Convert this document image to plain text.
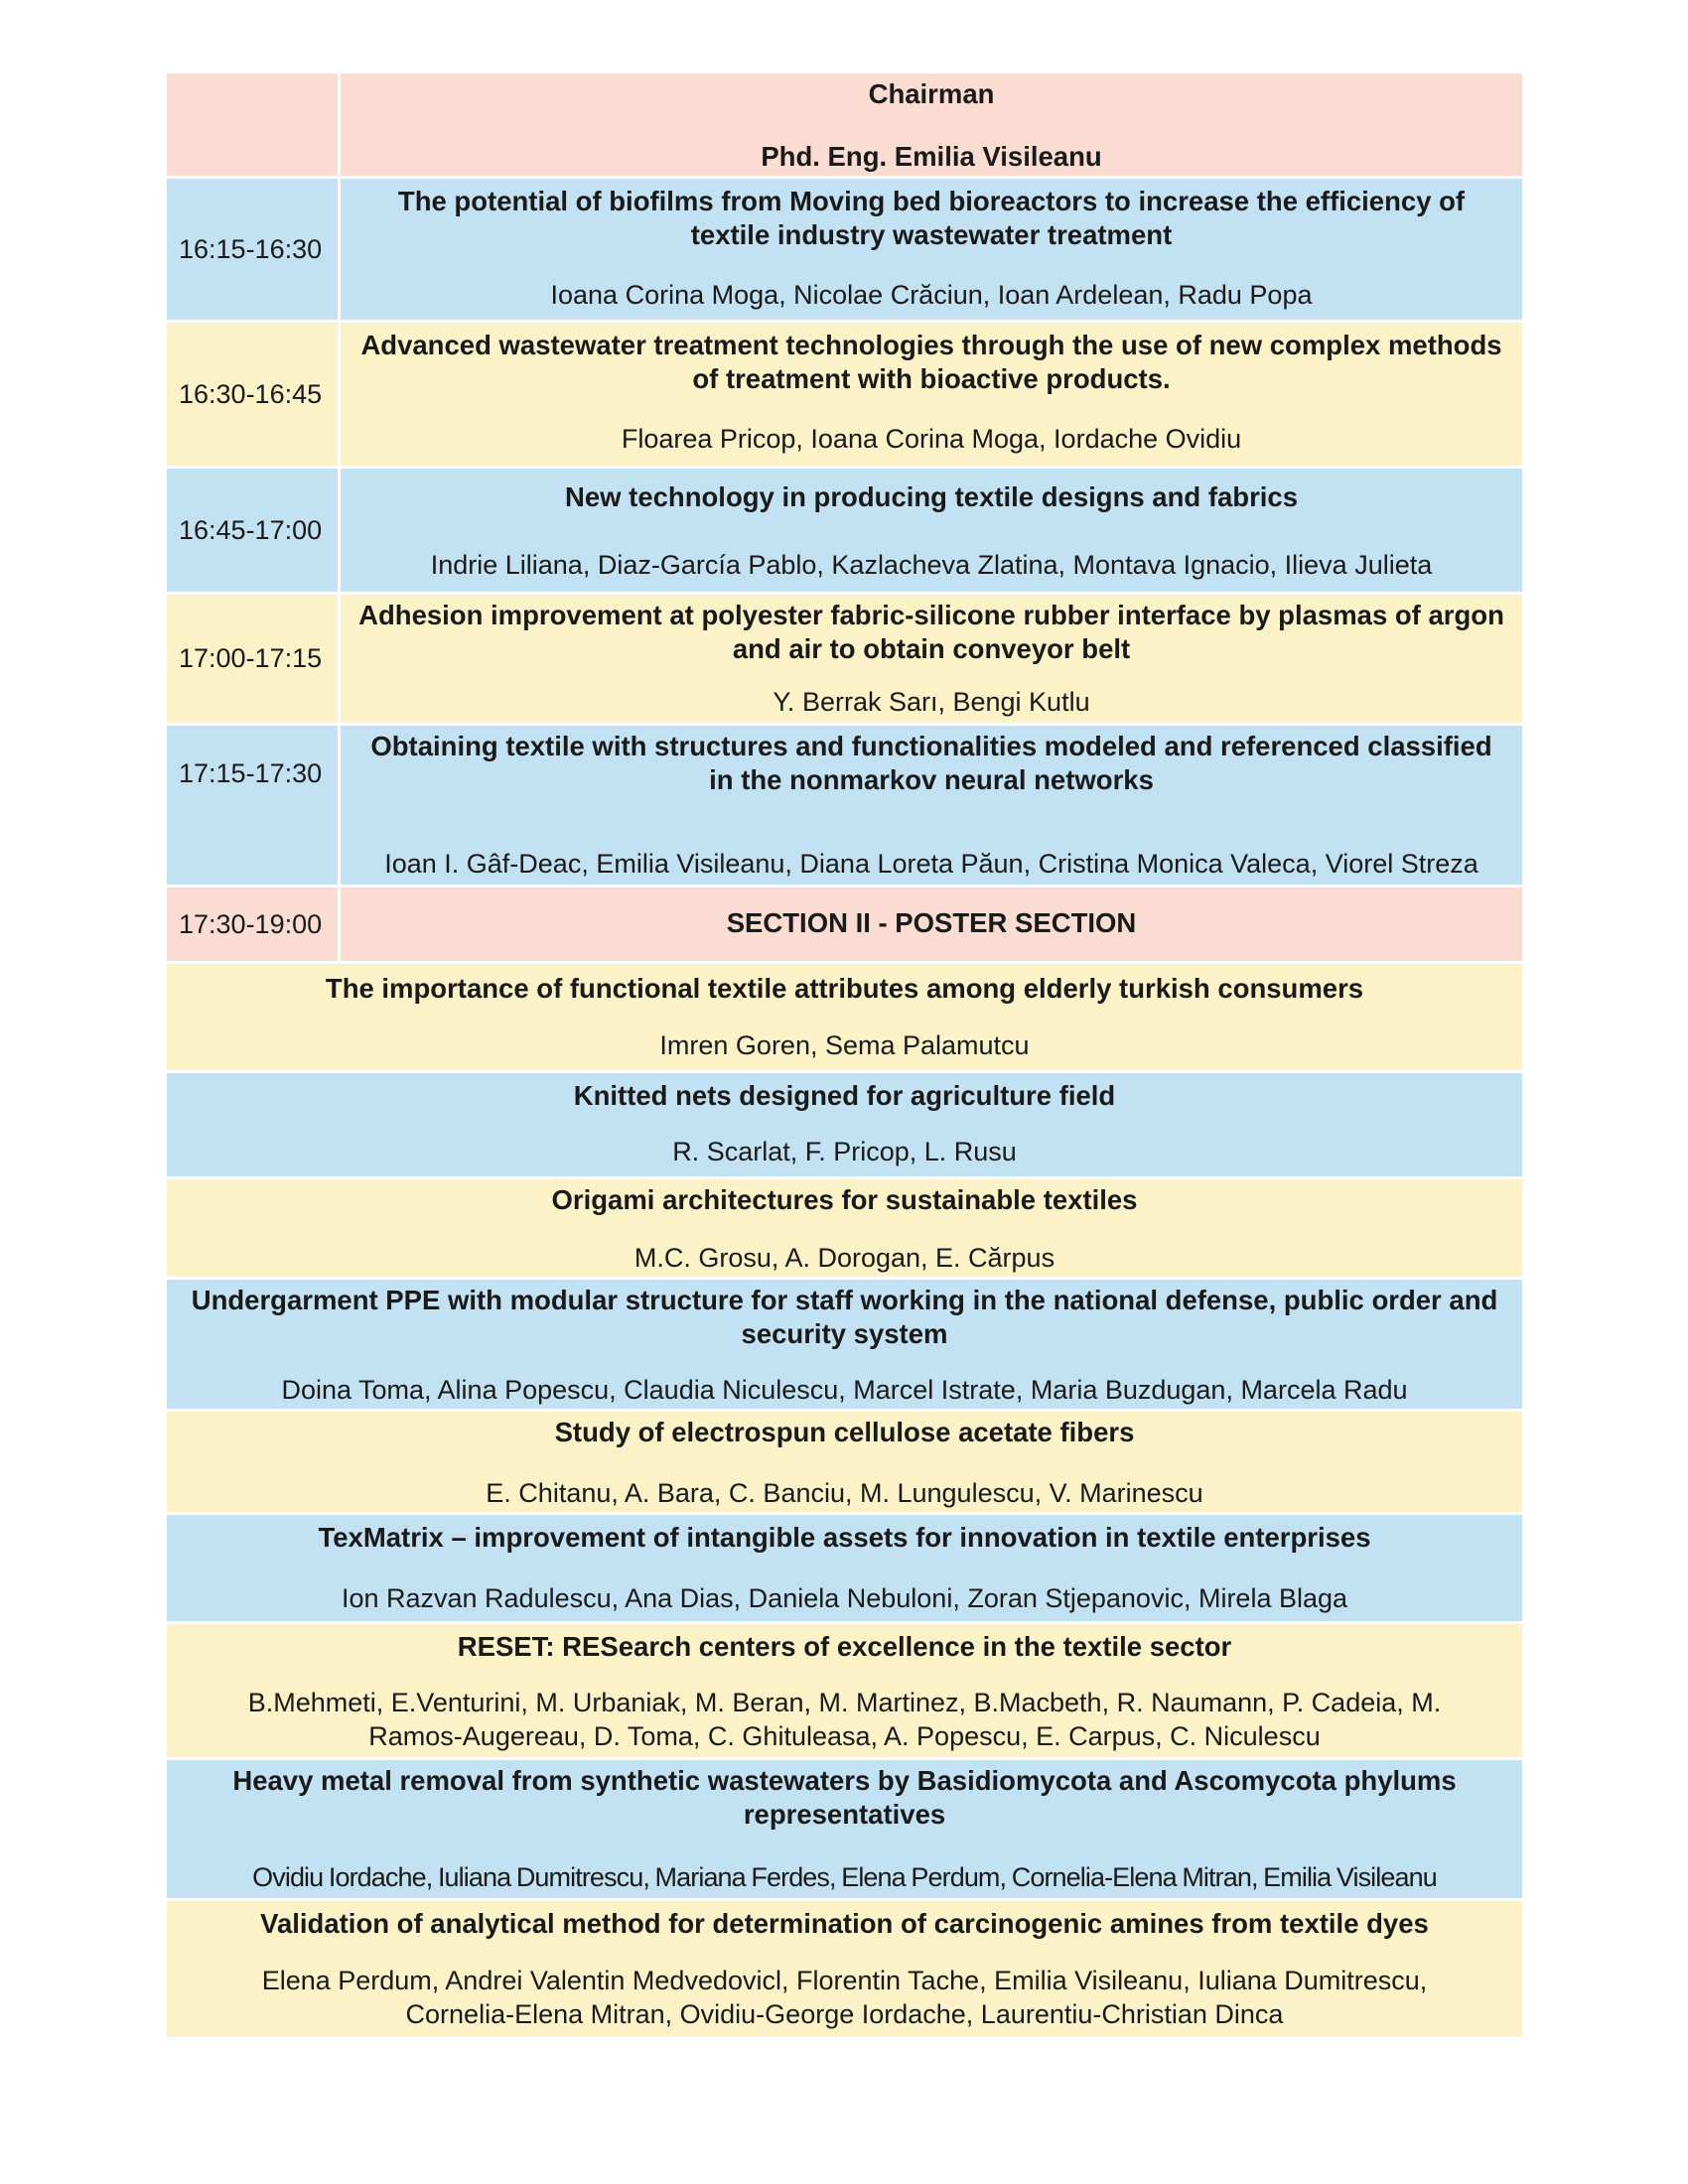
Chairman
Phd. Eng. Emilia Visileanu
16:15-16:30
The potential of biofilms from Moving bed bioreactors to increase the efficiency of textile industry wastewater treatment
Ioana Corina Moga, Nicolae Crăciun, Ioan Ardelean, Radu Popa
16:30-16:45
Advanced wastewater treatment technologies through the use of new complex methods of treatment with bioactive products.
Floarea Pricop, Ioana Corina Moga, Iordache Ovidiu
16:45-17:00
New technology in producing textile designs and fabrics
Indrie Liliana, Diaz-García Pablo, Kazlacheva Zlatina, Montava Ignacio, Ilieva Julieta
17:00-17:15
Adhesion improvement at polyester fabric-silicone rubber interface by plasmas of argon and air to obtain conveyor belt
Y. Berrak Sarı, Bengi Kutlu
17:15-17:30
Obtaining textile with structures and functionalities modeled and referenced classified in the nonmarkov neural networks
Ioan I. Gâf-Deac, Emilia Visileanu, Diana Loreta Păun, Cristina Monica Valeca, Viorel Streza
17:30-19:00	SECTION II - POSTER SECTION
The importance of functional textile attributes among elderly turkish consumers
Imren Goren, Sema Palamutcu
Knitted nets designed for agriculture field
R. Scarlat, F. Pricop, L. Rusu
Origami architectures for sustainable textiles
M.C. Grosu, A. Dorogan, E. Cărpus
Undergarment PPE with modular structure for staff working in the national defense, public order and security system
Doina Toma, Alina Popescu, Claudia Niculescu, Marcel Istrate, Maria Buzdugan, Marcela Radu
Study of electrospun cellulose acetate fibers
E. Chitanu, A. Bara, C. Banciu, M. Lungulescu, V. Marinescu
TexMatrix – improvement of intangible assets for innovation in textile enterprises
Ion Razvan Radulescu, Ana Dias, Daniela Nebuloni, Zoran Stjepanovic, Mirela Blaga
RESET: RESearch centers of excellence in the textile sector
B.Mehmeti, E.Venturini, M. Urbaniak, M. Beran, M. Martinez, B.Macbeth, R. Naumann, P. Cadeia, M. Ramos-Augereau, D. Toma, C. Ghituleasa, A. Popescu, E. Carpus, C. Niculescu
Heavy metal removal from synthetic wastewaters by Basidiomycota and Ascomycota phylums representatives
Ovidiu Iordache, Iuliana Dumitrescu, Mariana Ferdes, Elena Perdum, Cornelia-Elena Mitran, Emilia Visileanu
Validation of analytical method for determination of carcinogenic amines from textile dyes
Elena Perdum, Andrei Valentin Medvedovicl, Florentin Tache, Emilia Visileanu, Iuliana Dumitrescu, Cornelia-Elena Mitran, Ovidiu-George Iordache, Laurentiu-Christian Dinca
